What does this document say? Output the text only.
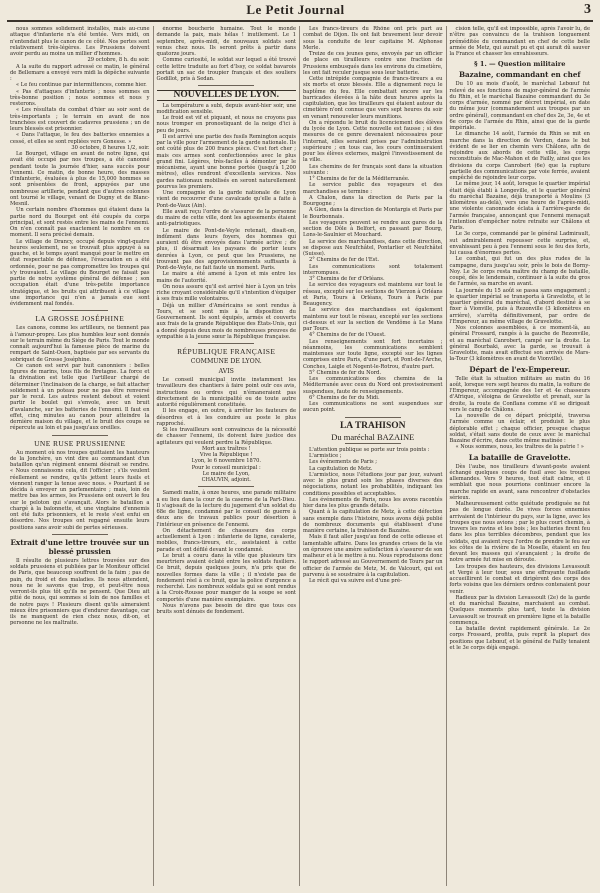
Le Petit Journal	3

nous sommes solidement installés, mais au-cune attaque d'infanterie n'a été tentée. Vers midi, on n'entendait plus le canon de ce côté. Nos pertes sont relativement très-légères. Les Prussiens doivent avoir perdu au moins un millier d'hommes.

29 octobre, 8 h. du soir.

A la suite du rapport adressé ce matin, le général de Bellemare a envoyé vers midi la dépêche suivante :

« Le feu continue par intermittences, comme hier.

« Pas d'attaques d'infanterie ; nous sommes en très-bonne position ; nous sommes et nous y resterons.

« Les résultats du combat d'hier au soir sont de très-importants ; le terrain en avant de nos tranchées est couvert de cadavres prussiens ; un de leurs blessés est prisonnier.

« Dans l'attaque, le feu des batteries ennemies a cessé, et elles se sont repliées vers Gonesse. »

30 octobre, 8 heures 1/2, soir.

Le Bourget, village en avant de notre ligne, qui avait été occupé par nos troupes, a été canonné pendant toute la journée d'hier, sans succès pour l'ennemi. Ce matin, de bonne heure, des masses d'infanterie, évaluées à plus de 15,000 hommes se sont présentées de front, appuyées par une nombreuse artillerie, pendant que d'autres colonnes ont tourné le village, venant de Dugny et de Blanc-Mesnil.

Un certain nombre d'hommes qui étaient dans la partie nord du Bourget ont été coupés du corps principal, et sont restés entre les mains de l'ennemi. On n'en connaît pas exactement le nombre en ce moment. Il sera précisé demain.

Le village de Drancy, occupé depuis vingt-quatre heures seulement, ne se trouvait plus appuyé à sa gauche, et le temps ayant manqué pour le mettre en état respectable de défense, l'évacuation en a été ordonnée, pour ne pas compromettre les troupes qui s'y trouvaient. Le village du Bourget ne faisait pas partie de notre système général de défense ; son occupation était d'une très-petite importance stratégique, et les bruits qui attribuent à ce village une importance qui n'en a jamais eue sont évidemment mal fondés.

LA GROSSE JOSÉPHINE

Les canons, comme les artilleurs, ne tiennent pas à l'amour-propre. Les plus humbles leur sont donnés sur le terrain même du Siége de Paris. Tout le monde connaît aujourd'hui la fameuse pièce de marine du rempart de Saint-Ouen, baptisée par ses servants du sobriquet de Grosse Joséphine.

Ce canon est servi par huit canonniers : belles figures de marins, tous fils de Bretagne. La force et la divination est telle que l'artilleur chargé de déterminer l'inclinaison de la charge, se fait attacher solidement à un poteau pour ne pas être renversé par le recul. Les autres restent debout et voient partir le boulet qui s'envole, avec un bruit d'avalanche, sur les batteries de l'ennemi. Il faut en effet, cinq minutes au canon pour atteindre la dernière maison du village, et le bruit des coups se répercute au loin et pas jusqu'aux oreilles.

UNE RUSE PRUSSIENNE

Au moment où nos troupes quittaient les hauteurs de la Jonchère, un vint dire au commandant d'un bataillon qu'un régiment ennemi désirait se rendre. « Nous connaissons cela, dit l'officier ; s'ils veulent réellement se rendre, qu'ils jettent leurs fusils et viennent ranger la tenue avec nous. » Pourtant il se décida à envoyer un parlementaire ; mais, loin de mettre bas les armes, les Prussiens ont ouvert le feu sur le peloton qui s'avançait. Alors le bataillon a chargé à la baïonnette, et une vingtaine d'ennemis ont été faits prisonniers, et le reste s'est enfui en désordre. Nos troupes ont regagné ensuite leurs positions sans avoir subi de pertes sérieuses.

Extrait d'une lettre trouvée sur un blessé prussien

Il résulte de plusieurs lettres trouvées sur des soldats prussiens et publiées par le Moniteur officiel de Paris, que beaucoup souffrent de la faim ; pas de pain, du froid et des maladies. Ils nous attendent, nous ne le savons que trop, et peut-être nous verront-ils plus tôt qu'ils ne pensent. Que Dieu ait pitié de nous, qui sommes si loin de nos familles et de notre pays ! Plusieurs disent qu'ils aimeraient mieux être prisonniers que d'endurer davantage, car ils ne manquent de rien chez nous, dit-on, et personne ne les maltraite.

énorme boucherie humaine. Tout le monde demande la paix, mais hélas ! inutilement. Le 1 septembre, après-midi, de nouveaux soldats sont venus chez nous. Ils seront prêts à partir dans quatorze jours.

Comme curiosité, le soldat sur lequel a été trouvé cette lettre traduite au fort d'Issy, ce soldat bavarois portait un sac de troupier français et des souliers Godillot, pris à Sedan.

NOUVELLES DE LYON.

La température a subi, depuis avant-hier soir, une modification sensible.

Le froid est vif et piquant, et nous ne croyons pas nous tromper en pronostiquant de la neige d'ici à peu de jours.

Il est arrivé une partie des fusils Remington acquis par la ville pour l'armement de la garde nationale. Ils ont coûté plus de 200 francs pièce. C'est fort cher ; mais ces armes sont confectionnées avec le plus grand fini. Légères, très-faciles à démonter par le mécanisme, ayant une bonne portée (jusqu'à 1,200 mètres), elles rendront d'excellents services. Nos gardes nationaux mobilisés en seront naturellement pourvus les premiers.

Une compagnie de la garde nationale de Lyon vient de recouvrer d'une cavalcade qu'elle a faite à Pont-de-Vaux (Ain).

Elle avait reçu l'ordre de s'assurer de la personne du maire de cette ville, dont les agissements étaient anti-patriotiques.

Le maire de Pont-de-Veyle retenait, disait-on, indûment dans leurs foyers, des hommes qui auraient dû être envoyés dans l'armée active ; de plus, il désarmait les paysans de porter leurs denrées à Lyon, ce peut que les Prussiens, ne trouvant pas des approvisionnements suffisants à Pont-de-Veyle, ne fait faute un moment. Paris.

Le maire a été amené à Lyon et mis entre les mains de l'autorité.

On nous assure qu'il est arrivé hier à Lyon un très riche croyant considérable qu'il s'intention d'équiper à ses frais mille volontaires.

Déjà un millier d'Américains se sont rendus à Tours, et se sont mis à la disposition du Gouvernement. Ils sont équipés, armés et couverts aux frais de la grande République des États-Unis, qui a donné depuis deux mois de nombreuses preuves de sympathie à la jeune sœur la République française.

RÉPUBLIQUE FRANÇAISE
COMMUNE DE LYON.
AVIS

Le conseil municipal invite instamment les travailleurs des chantiers à faire point ouïr ces avis, instructions ou ordres qui n'émaneraient pas directement de la municipalité ou de toute autre autorité régulièrement constituée.

Il les engage, en outre, à arrêter les fauteurs de désordres et à les conduire au poste le plus rapproché.

Si les travailleurs sont convaincus de la nécessité de chasser l'ennemi, ils doivent faire justice des agitateurs qui veulent perdre la République.

Mort aux traîtres !

Vive la République !

Lyon, le 6 novembre 1870.

Pour le conseil municipal :

Le maire de Lyon,

CHAUVIN, adjoint.

Samedi matin, à onze heures, une parade militaire a eu lieu dans la cour de la caserne de la Part-Dieu. Il s'agissait de la lecture du jugement d'un soldat du 68e de ligne, condamné par le conseil de guerre à deux ans de travaux publics pour désertion à l'intérieur en présence de l'ennemi.

On détachement de chasseurs des corps actuellement à Lyon : infanterie de ligne, cavalerie, mobiles, francs-tireurs, etc., assistaient à cette parade et ont défilé devant le condamné.

Le bruit a couru dans la ville que plusieurs tirs meurtriers avaient éclaté entre les soldats fusiliers. Ce bruit, depuis quelques jours, n'a pris que de nouvelles formes dans la ville ; il n'existe pas de fondement réel à ce bruit, que la police d'urgence a recherché. Les nombreux soldats qui se sont rendus à la Croix-Rousse pour manger de la soupe se sont comportés d'une manière exemplaire.

Nous n'avons pas besoin de dire que tous ces bruits sont dénués de fondement.

Les francs-tireurs du Rhône ont pris part au combat de Dijon. Ils ont fait bravement leur devoir sous la conduite de leur capitaine M. Alphonse Merle.

Treize de ces jeunes gens, envoyés par un officier de place en tirailleurs contre une fraction de Prussiens embusqués dans les environs du cimetière, les ont fait reculer jusque sous leur batterie.

Cette intrépide compagnie de francs-tireurs a eu six morts et onze blessés. Elle a dignement reçu le baptême du feu. Elle combattait encore sur les barricades élevées à la hâte deux heures après la capitulation, que les tirailleurs qui étaient autour du cimetière n'ont connue que vers sept heures du soir en venant renouveler leurs munitions.

On a répondu le bruit du licenciement des élèves du lycée de Lyon. Cette nouvelle est fausse ; si des mesures de ce genre devenaient nécessaires pour l'internat, elles seraient prises par l'administration supérieure ; en tous cas, les cours continueraient pour les élèves externes, malgré l'investissement de la ville.

Les chemins de fer français sont dans la situation suivante :

1° Chemins de fer de la Méditerranée.

Le service public des voyageurs et des marchandises se termine :

A Chalon, dans la direction de Paris par la Bourgogne ;

A Gien, dans la direction de Montargis et Paris par le Bourbonnais.

Les voyageurs peuvent se rendre aux gares de la section de Dôle à Belfort, en passant par Bourg, Lons-le-Saulnier et Mouchard.

Le service des marchandises, dans cette direction, se dispose aux Neufchâtel, Pontarlier et Neufchâtel (Suisse).

2° Chemins de fer de l'Est.

Les communications sont totalement interrompues.

3° Chemins de fer d'Orléans.

Le service des voyageurs est maintenu sur tout le réseau, excepté sur les sections de Vierzon à Orléans et Paris, Tours à Orléans, Tours à Paris par Beaugency.

Le service des marchandises est également maintenu sur tout le réseau, excepté sur les sections ci-dessus et sur la section de Vendôme à Le Mans par Tours.

4° Chemins de fer de l'Ouest.

Les renseignements sont fort incertains ; néanmoins, les communications semblent maintenues sur toute ligne, excepté sur les lignes comprises entre Paris, d'une part, et Pont-de-l'Arche, Conches, Laigle et Nogent-le-Rotrou, d'autre part.

5° Chemins de fer du Nord.

Les communications des chemins de la Méditerranée avec ceux du Nord ont provisoirement suspendues, faute de renseignements.

6° Chemins de fer du Midi.

Les communications ne sont suspendues sur aucun point.

LA TRAHISON
Du maréchal BAZAINE

L'attention publique se porte sur trois points :

L'armistice ;

Les événements de Paris ;

La capitulation de Metz.

L'armistice, nous l'étudions jour par jour, suivant avec le plus grand soin les phases diverses des négociations, notant les probabilités, indiquant les conditions possibles et acceptables.

Les événements de Paris, nous les avons racontés hier dans les plus grands détails.

Quant à la capitulation de Metz, à cette défection sans exemple dans l'histoire, nous avons déjà publié de nombreux documents qui établissent d'une manière certaine, la trahison de Bazaine.

Mais il faut aller jusqu'au fond de cette odieuse et lamentable affaire. Dans les grandes crises de la vie on éprouve une amère satisfaction à s'assurer de son malheur et à le mettre à nu. Nous reproduisons donc le rapport adressé au Gouvernement de Tours par un officier de l'armée de Metz, M. de Valcourt, qui est parvenu à se soustraire à la capitulation.

Le récit qui va suivre est d'une pré-

cision telle, qu'il est impossible, après l'avoir lu, de n'être pas convaincu de la trahison longuement préméditée du commandant en chef de cette belle armée de Metz, qui aurait pu et qui aurait dû sauver la France et chasser les envahisseurs.

§ 1. — Question militaire
Bazaine, commandant en chef

Du 10 au mois d'août, le maréchal Lebœuf fut relevé de ses fonctions de major-général de l'armée du Rhin, et le maréchal Bazaine commandant du 3e corps d'armée, nommé par décret impérial, en date du même jour (commandement aux troupes par un ordre général), commandant en chef des 2e, 3e, 4e et 6e corps de l'armée du Rhin, ainsi que de la garde impériale.

Le dimanche 14 août, l'armée du Rhin se mit en marche dans la direction de Verdun, dans le but évident de se lier en chemin vers Châlons, afin de rejoindre aux abords de cette ville, les corps reconstitués de Mac-Mahon et de Failly, ainsi que les divisions du corps Canrobert (6e) que la rupture partielle des communications par voie ferrée, avaient empêché de rejoindre leur corps.

Le même jour, 14 août, lorsque le quartier impérial était déjà établi à Longeville, et le quartier général du maréchal Bazaine, déjà transporté à Moulins (3 kilomètres au-delà), vers une heure de l'après-midi, une violente canonnade éclata à l'arrière-garde de l'armée française, annonçant que l'ennemi menaçait l'intention d'empêcher notre retraite sur Châlons et Paris.

Le 3e corps, commandé par le général Ladmirault, sut admirablement repousser cette surprise, et, envahissant peu à peu l'ennemi sous le feu des forts, lui causa d'énormes pertes.

Le combat, qui fut un des plus rudes de la campagne, dura jusqu'au soir, près le bois de Borny-Noy. Le 3e corps resta maître du champ de bataille, coupé, dès le lendemain, continuer à la suite du gros de l'armée, sa marche en avant.

La journée du 15 août se passa sans engagement ; le quartier impérial se transporta à Gravelotte, et le quartier général du maréchal, d'abord destiné à se fixer à Vionville, puis à Rezonville (3 kilomètres en arrière), s'arrêta définitivement, par ordre de l'Empereur, au même village de Gravelotte.

Nos colonnes assemblées, à ce moment-là, au général Frossard, rangés à la gauche de Rezonville, et au maréchal Canrobert, campé sur la droite. Le général Bourbaki, avec la garde, se trouvait à Gravelotte, mais avait effectué son arrivée de Mars-la-Tour (3 kilomètres en avant de Vionville).

Départ de l'ex-Empereur.

Telle était la situation militaire au matin du 16 août, lorsque vers sept heures du matin, la voiture de l'Empereur, accompagnée des 1er et 4e chasseurs d'Afrique, s'éloigna de Gravelotte et prenait, sur la droite, la route de Conflans comme s'il se dirigeait vers le camp de Châlons.

La nouvelle de ce départ précipité, traversa l'armée comme un éclair, et produisit le plus déplorable effet ; chaque officier, presque chaque soldat, s'était sans doute de ceux avec le maréchal Bazaine d'écrire, dans cette même matinée :

« Nous sommes, nous, les traîtres de la patrie ! »

La bataille de Gravelotte.

Dès l'aube, nos tirailleurs d'avant-poste avaient échangé quelques coups de fusil avec les troupes allemandes. Vers 9 heures, tout était calme, et il semblait que nous pourrions continuer encore la marche rapide en avant, sans rencontrer d'obstacles sérieux.

Malheureusement cette quiétude prodiguée ne fut pas de longue durée. De vives forces ennemies arrivaient de l'intérieur du pays, sur la ligne, avec les troupes que nous avions ; par le plus court chemin, à travers les ravins et les bois ; les batteries firent feu dans les plus terribles décombres, pendant que les soldats, qui avaient reçu l'ordre de prendre le feu sur les côtes de la rivière de la Moselle, étaient en feu devant les masses qui s'avançaient ; la droite de notre armée fut mise en déroute.

Les troupes des hauteurs, des divisions Levassoult et Vergé à leur tour, sous une effrayante fusillade accueillirent le combat et dirigèrent des corps des forts voisins que les dérniers ordres contenaient pour venir.

Radieux par la division Levassoult (2e) de la garde et du maréchal Bazaine, marchaient au combat. Quelques moments plus tard, toute la division Levassoult se trouvait en première ligne et la bataille commença.

La bataille devint rapidement générale. Le 2e corps Frossard, profita, puis reprit la plupart des positions que Lebœuf, et le général de Failly tenaient et le 3e corps déjà engagé.
